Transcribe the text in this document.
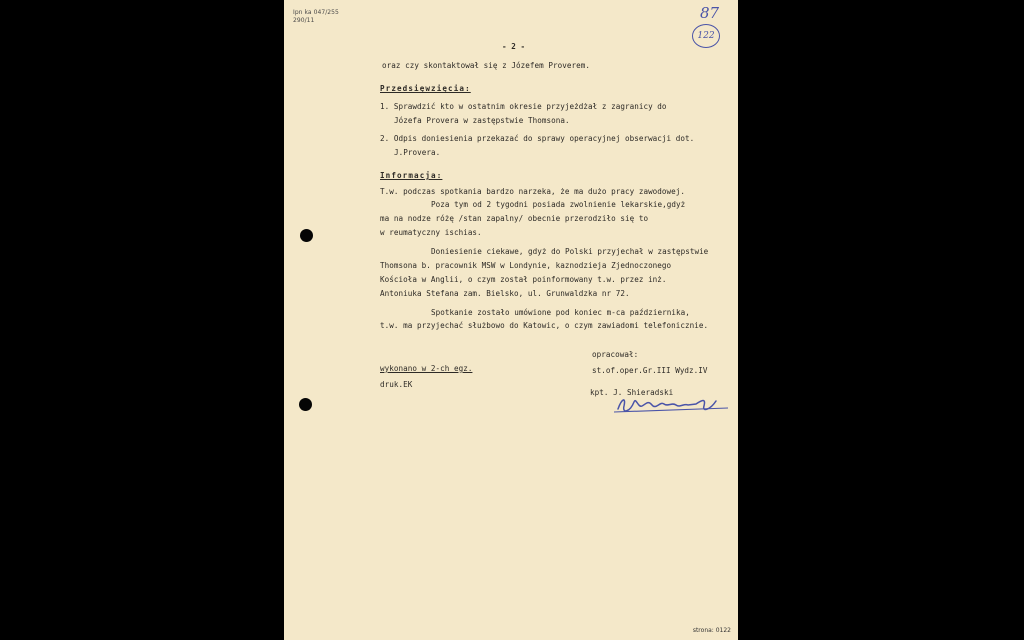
Ipn ka 047/255
290/11	87
122
- 2 -
oraz czy skontaktował się z Józefem Proverem.
Przedsięwzięcia:
1. Sprawdzić kto w ostatnim okresie przyjeżdżał z zagranicy do
Józefa Provera w zastępstwie Thomsona.
2. Odpis doniesienia przekazać do sprawy operacyjnej obserwacji dot.
J.Provera.
Informacja:
T.w. podczas spotkania bardzo narzeka, że ma dużo pracy zawodowej.
Poza tym od 2 tygodni posiada zwolnienie lekarskie,gdyż
ma na nodze różę /stan zapalny/ obecnie przerodziło się to
w reumatyczny ischias.
Doniesienie ciekawe, gdyż do Polski przyjechał w zastępstwie
Thomsona b. pracownik MSW w Londynie, kaznodzieja Zjednoczonego
Kościoła w Anglii, o czym został poinformowany t.w. przez inż.
Antoniuka Stefana zam. Bielsko, ul. Grunwaldzka nr 72.
Spotkanie zostało umówione pod koniec m-ca października,
t.w. ma przyjechać służbowo do Katowic, o czym zawiadomi telefonicznie.
opracował:
wykonano w 2-ch egz.	st.of.oper.Gr.III Wydz.IV
druk.EK
kpt. J. Shieradski
strona: 0122
